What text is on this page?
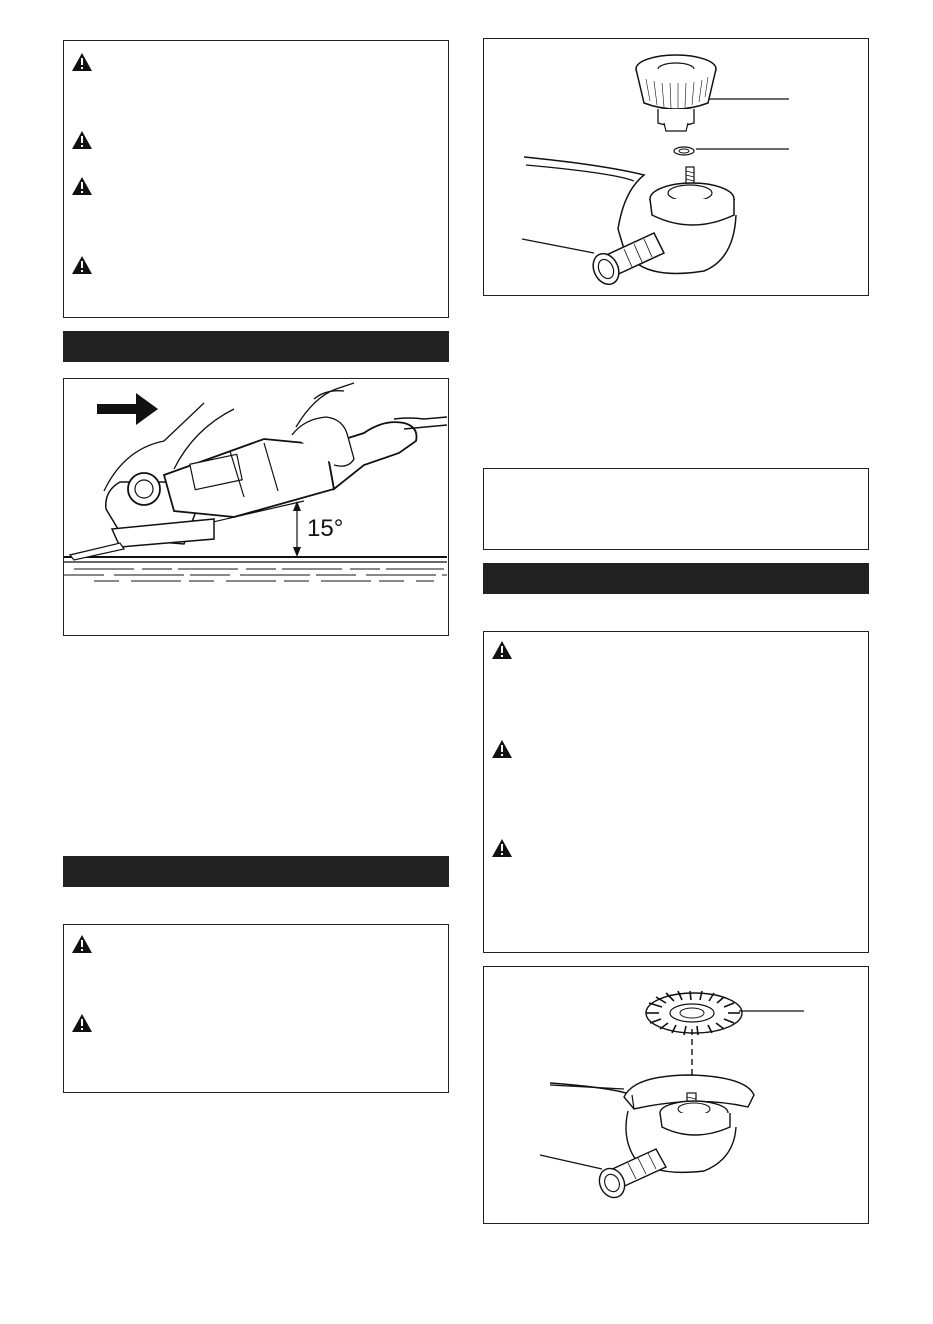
15°
